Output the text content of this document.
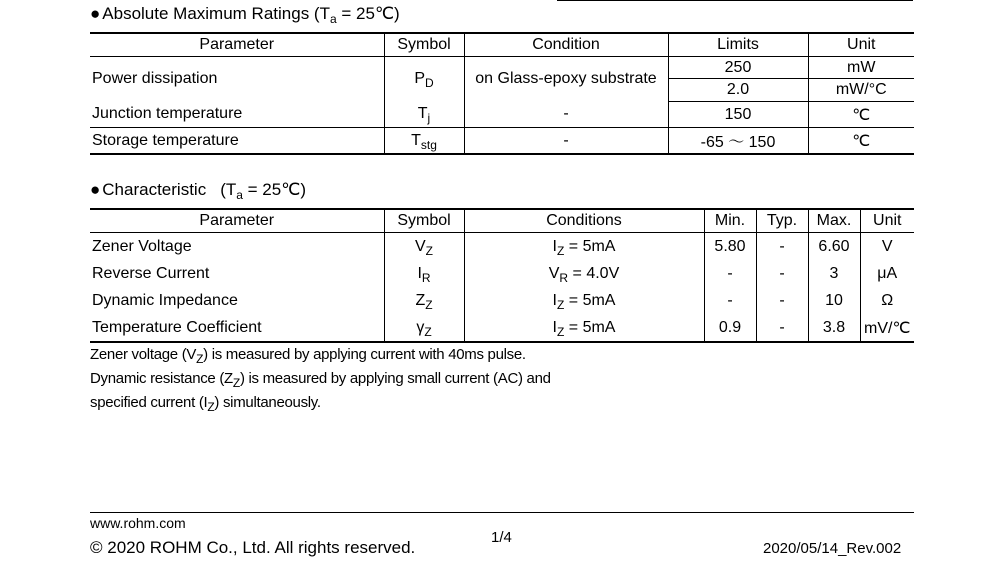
● Absolute Maximum Ratings ($T_a$ = 25℃)
Parameter	Symbol	Condition	Limits	Unit
Power dissipation	$P_D$	on Glass-epoxy substrate	250	mW
			2.0	mW/°C
Junction temperature	$T_j$	-	150	℃
Storage temperature	$T_{stg}$	-	-65 ～ 150	℃
● Characteristic ($T_a$ = 25℃)
Parameter	Symbol	Conditions	Min.	Typ.	Max.	Unit
Zener Voltage	$V_Z$	$I_Z = 5mA$	5.80	-	6.60	V
Reverse Current	$I_R$	$V_R = 4.0V$	-	-	3	μA
Dynamic Impedance	$Z_Z$	$I_Z = 5mA$	-	-	10	Ω
Temperature Coefficient	$\gamma_Z$	$I_Z = 5mA$	0.9	-	3.8	mV/℃
Zener voltage $(V_Z)$ is measured by applying current with 40ms pulse.
Dynamic resistance $(Z_Z)$ is measured by applying small current (AC) and
specified current $(I_Z)$ simultaneously.
www.rohm.com
© 2020 ROHM Co., Ltd. All rights reserved.
1/4
2020/05/14_Rev.002
